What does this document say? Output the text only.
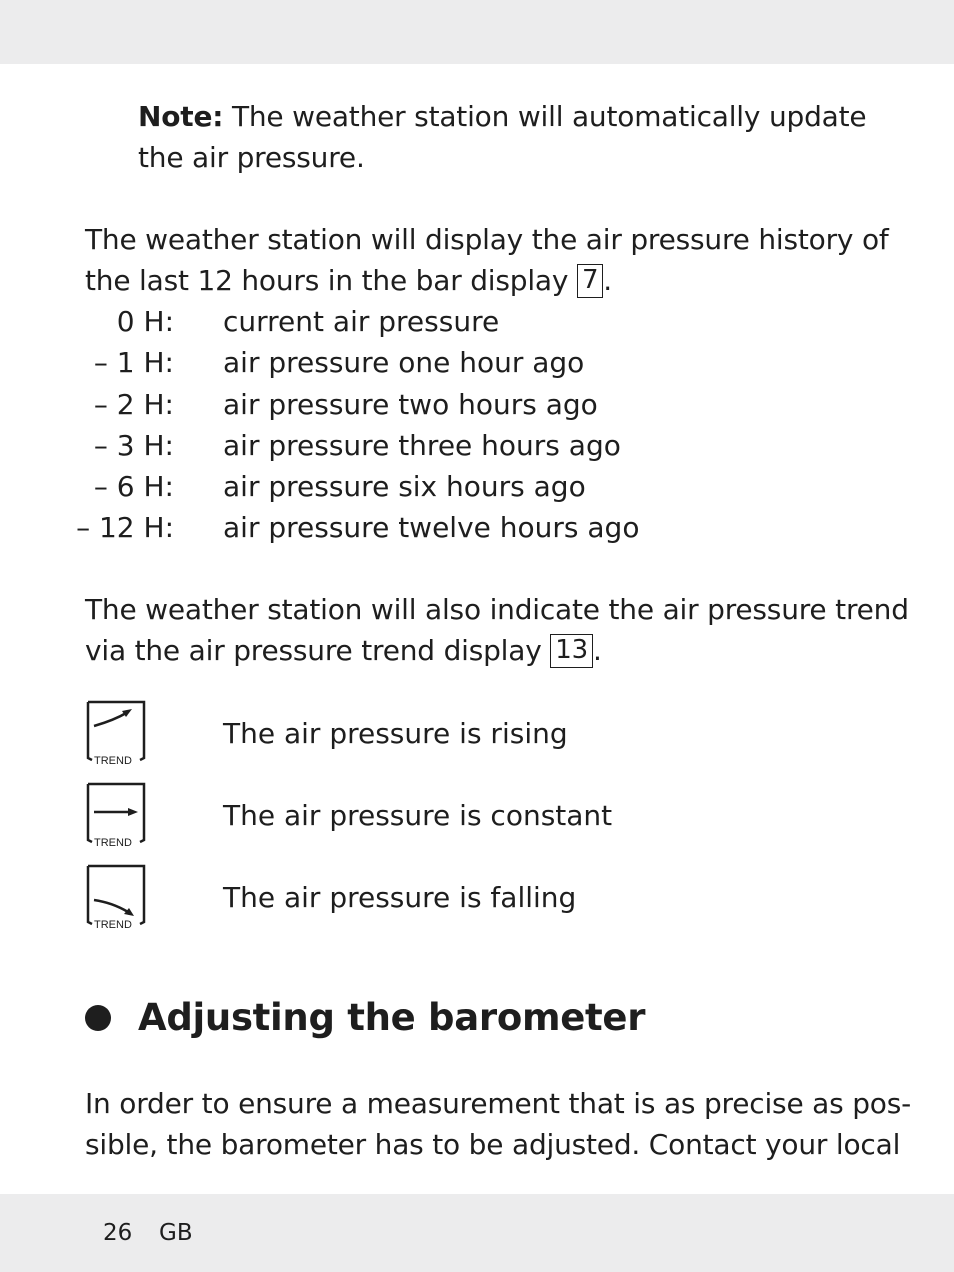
Note: The weather station will automatically update
the air pressure.
The weather station will display the air pressure history of
the last 12 hours in the bar display 7 .
0 H: current air pressure
– 1 H: air pressure one hour ago
– 2 H: air pressure two hours ago
– 3 H: air pressure three hours ago
– 6 H: air pressure six hours ago
– 12 H: air pressure twelve hours ago
The weather station will also indicate the air pressure trend
via the air pressure trend display 13 .
TREND
The air pressure is rising
TREND
The air pressure is constant
TREND
The air pressure is falling
Adjusting the barometer
In order to ensure a measurement that is as precise as pos-
sible, the barometer has to be adjusted. Contact your local
26 GB
